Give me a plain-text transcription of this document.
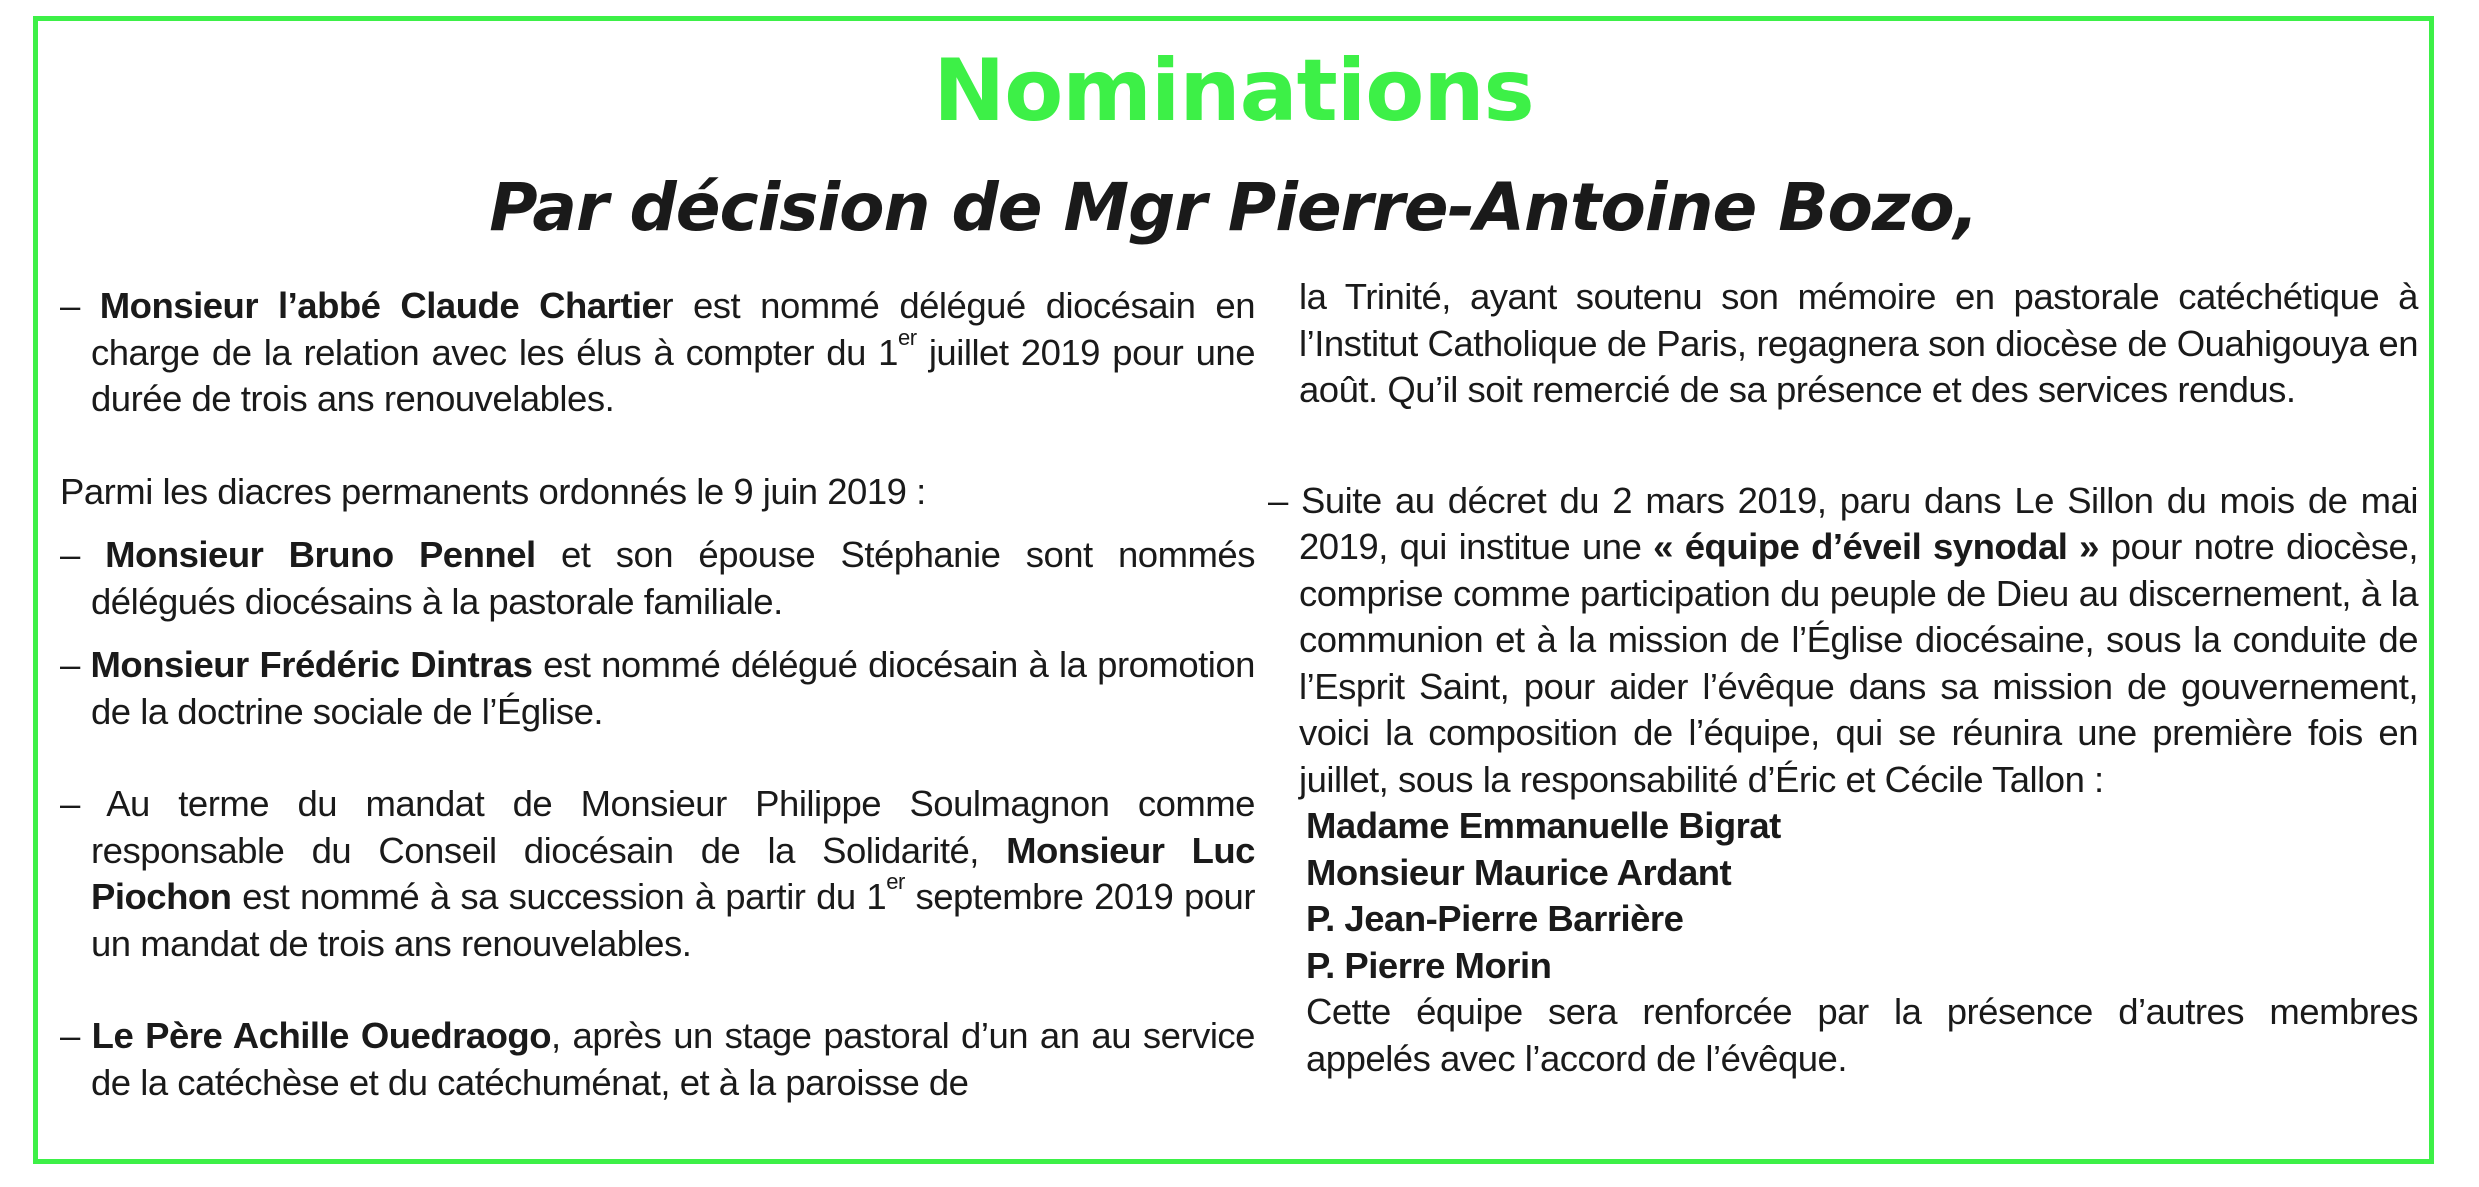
Nominations
Par décision de Mgr Pierre-Antoine Bozo,

– Monsieur l’abbé Claude Chartier est nommé délégué diocésain en charge de la relation avec les élus à compter du 1er juillet 2019 pour une durée de trois ans renouvelables.

Parmi les diacres permanents ordonnés le 9 juin 2019 :

– Monsieur Bruno Pennel et son épouse Stéphanie sont nommés délégués diocésains à la pastorale familiale.

– Monsieur Frédéric Dintras est nommé délégué diocésain à la promotion de la doctrine sociale de l’Église.

– Au terme du mandat de Monsieur Philippe Soulmagnon comme responsable du Conseil diocésain de la Solidarité, Monsieur Luc Piochon est nommé à sa succession à partir du 1er septembre 2019 pour un mandat de trois ans renouvelables.

– Le Père Achille Ouedraogo, après un stage pastoral d’un an au service de la catéchèse et du catéchuménat, et à la paroisse de

la Trinité, ayant soutenu son mémoire en pastorale catéchétique à l’Institut Catholique de Paris, regagnera son diocèse de Ouahigouya en août. Qu’il soit remercié de sa présence et des services rendus.

– Suite au décret du 2 mars 2019, paru dans Le Sillon du mois de mai 2019, qui institue une « équipe d’éveil synodal » pour notre diocèse, comprise comme participation du peuple de Dieu au discernement, à la communion et à la mission de l’Église diocésaine, sous la conduite de l’Esprit Saint, pour aider l’évêque dans sa mission de gouvernement, voici la composition de l’équipe, qui se réunira une première fois en juillet, sous la responsabilité d’Éric et Cécile Tallon :

Madame Emmanuelle Bigrat
Monsieur Maurice Ardant
P. Jean-Pierre Barrière
P. Pierre Morin

Cette équipe sera renforcée par la présence d’autres membres appelés avec l’accord de l’évêque.
